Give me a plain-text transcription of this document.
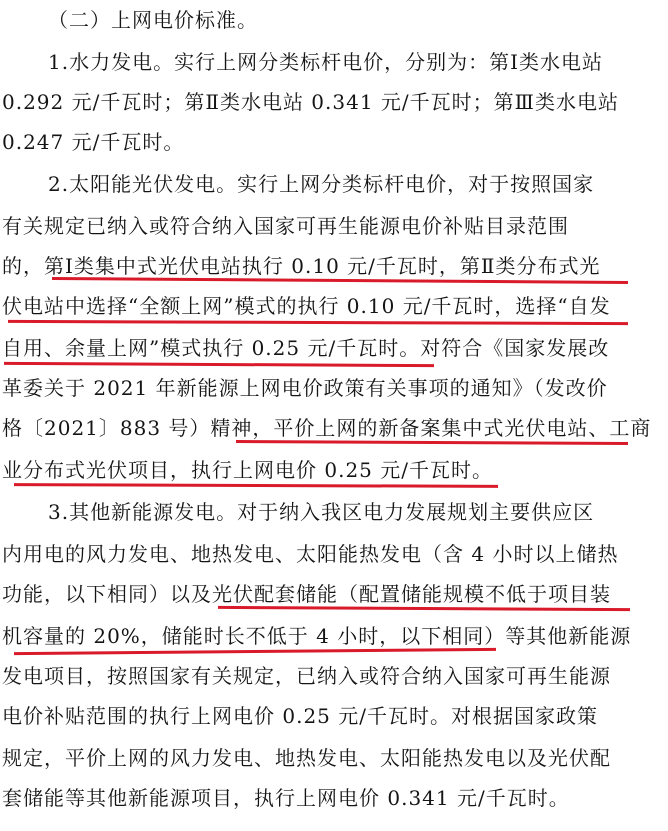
（二）上网电价标准。
1.水力发电。实行上网分类标杆电价，分别为：第Ⅰ类水电站
0.292 元/千瓦时；第Ⅱ类水电站 0.341 元/千瓦时；第Ⅲ类水电站
0.247 元/千瓦时。
2.太阳能光伏发电。实行上网分类标杆电价，对于按照国家
有关规定已纳入或符合纳入国家可再生能源电价补贴目录范围
的，第Ⅰ类集中式光伏电站执行 0.10 元/千瓦时，第Ⅱ类分布式光
伏电站中选择“全额上网”模式的执行 0.10 元/千瓦时，选择“自发
自用、余量上网”模式执行 0.25 元/千瓦时。对符合《国家发展改
革委关于 2021 年新能源上网电价政策有关事项的通知》（发改价
格〔2021〕883 号）精神，平价上网的新备案集中式光伏电站、工商
业分布式光伏项目，执行上网电价 0.25 元/千瓦时。
3.其他新能源发电。对于纳入我区电力发展规划主要供应区
内用电的风力发电、地热发电、太阳能热发电（含 4 小时以上储热
功能，以下相同）以及光伏配套储能（配置储能规模不低于项目装
机容量的 20%，储能时长不低于 4 小时，以下相同）等其他新能源
发电项目，按照国家有关规定，已纳入或符合纳入国家可再生能源
电价补贴范围的执行上网电价 0.25 元/千瓦时。对根据国家政策
规定，平价上网的风力发电、地热发电、太阳能热发电以及光伏配
套储能等其他新能源项目，执行上网电价 0.341 元/千瓦时。
